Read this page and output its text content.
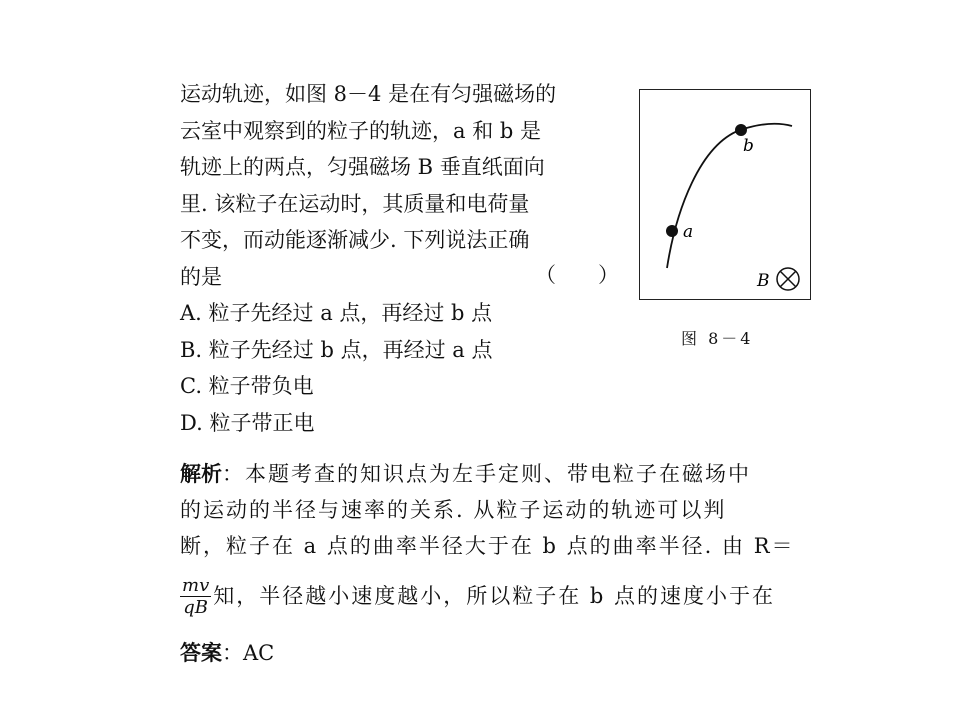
运动轨迹，如图 8－4 是在有匀强磁场的
云室中观察到的粒子的轨迹，a 和 b 是
轨迹上的两点，匀强磁场 B 垂直纸面向
里. 该粒子在运动时，其质量和电荷量
不变，而动能逐渐减少. 下列说法正确
的是
A. 粒子先经过 a 点，再经过 b 点
B. 粒子先经过 b 点，再经过 a 点
C. 粒子带负电
D. 粒子带正电
（　　）
a
b
B
图 8－4
解析：本题考查的知识点为左手定则、带电粒子在磁场中
的运动的半径与速率的关系. 从粒子运动的轨迹可以判
断，粒子在 a 点的曲率半径大于在 b 点的曲率半径. 由 R＝
$\frac{mv}{qB}$ 知，半径越小速度越小，所以粒子在 b 点的速度小于在
答案：AC
